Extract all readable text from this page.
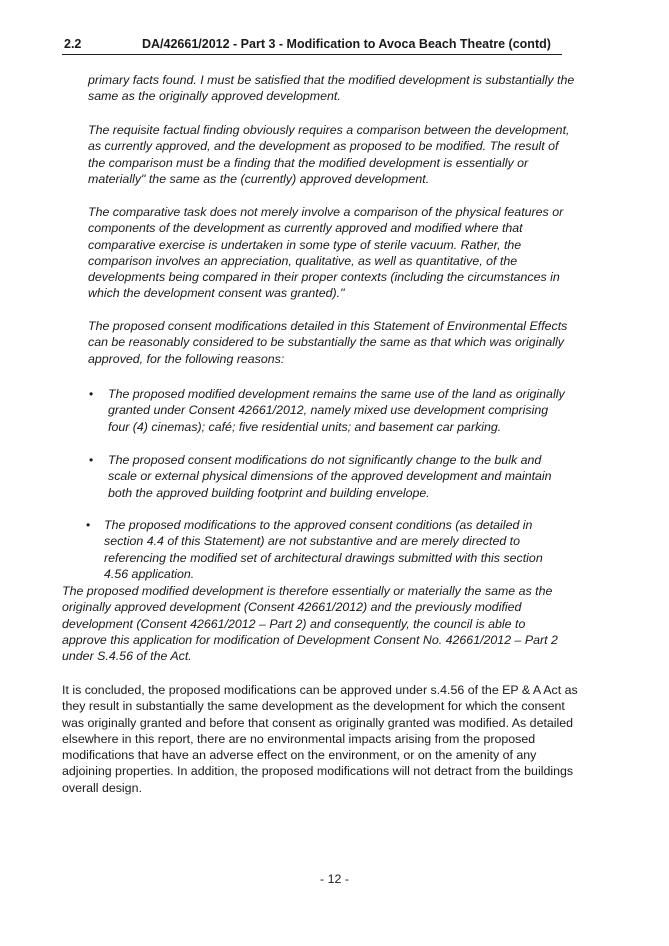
2.2	DA/42661/2012 - Part 3 - Modification to Avoca Beach Theatre (contd)

primary facts found. I must be satisfied that the modified development is substantially the same as the originally approved development.

The requisite factual finding obviously requires a comparison between the development, as currently approved, and the development as proposed to be modified. The result of the comparison must be a finding that the modified development is essentially or materially" the same as the (currently) approved development.

The comparative task does not merely involve a comparison of the physical features or components of the development as currently approved and modified where that comparative exercise is undertaken in some type of sterile vacuum. Rather, the comparison involves an appreciation, qualitative, as well as quantitative, of the developments being compared in their proper contexts (including the circumstances in which the development consent was granted)."

The proposed consent modifications detailed in this Statement of Environmental Effects can be reasonably considered to be substantially the same as that which was originally approved, for the following reasons:

• The proposed modified development remains the same use of the land as originally granted under Consent 42661/2012, namely mixed use development comprising four (4) cinemas); café; five residential units; and basement car parking.

• The proposed consent modifications do not significantly change to the bulk and scale or external physical dimensions of the approved development and maintain both the approved building footprint and building envelope.

• The proposed modifications to the approved consent conditions (as detailed in section 4.4 of this Statement) are not substantive and are merely directed to referencing the modified set of architectural drawings submitted with this section 4.56 application.

The proposed modified development is therefore essentially or materially the same as the originally approved development (Consent 42661/2012) and the previously modified development (Consent 42661/2012 – Part 2) and consequently, the council is able to approve this application for modification of Development Consent No. 42661/2012 – Part 2 under S.4.56 of the Act.

It is concluded, the proposed modifications can be approved under s.4.56 of the EP & A Act as they result in substantially the same development as the development for which the consent was originally granted and before that consent as originally granted was modified. As detailed elsewhere in this report, there are no environmental impacts arising from the proposed modifications that have an adverse effect on the environment, or on the amenity of any adjoining properties. In addition, the proposed modifications will not detract from the buildings overall design.

- 12 -
